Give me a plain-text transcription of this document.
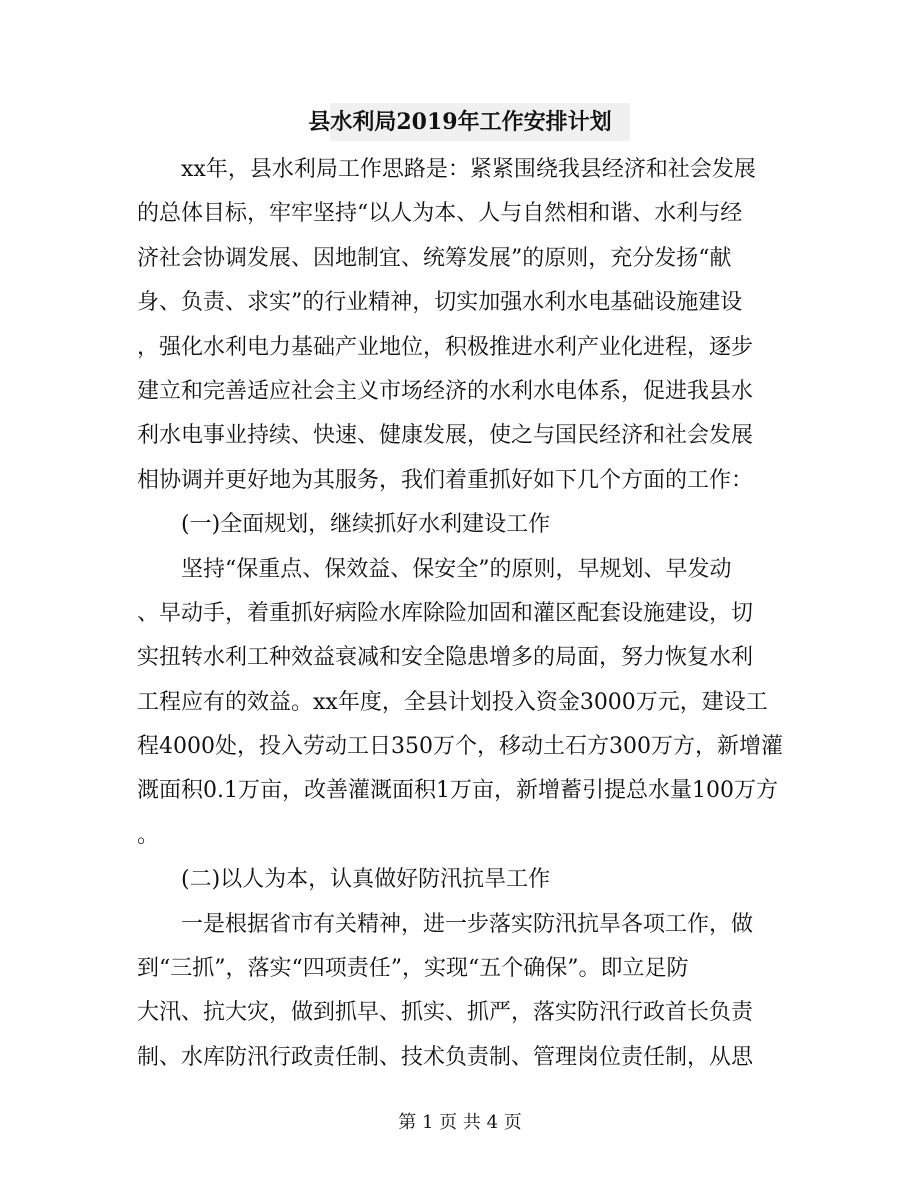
县水利局2019年工作安排计划
xx年，县水利局工作思路是：紧紧围绕我县经济和社会发展
的总体目标，牢牢坚持“以人为本、人与自然相和谐、水利与经
济社会协调发展、因地制宜、统筹发展”的原则，充分发扬“献
身、负责、求实”的行业精神，切实加强水利水电基础设施建设
，强化水利电力基础产业地位，积极推进水利产业化进程，逐步
建立和完善适应社会主义市场经济的水利水电体系，促进我县水
利水电事业持续、快速、健康发展，使之与国民经济和社会发展
相协调并更好地为其服务，我们着重抓好如下几个方面的工作：
(一)全面规划，继续抓好水利建设工作
坚持“保重点、保效益、保安全”的原则，早规划、早发动
、早动手，着重抓好病险水库除险加固和灌区配套设施建设，切
实扭转水利工种效益衰减和安全隐患增多的局面，努力恢复水利
工程应有的效益。xx年度，全县计划投入资金3000万元，建设工
程4000处，投入劳动工日350万个，移动土石方300万方，新增灌
溉面积0.1万亩，改善灌溉面积1万亩，新增蓄引提总水量100万方
。
(二)以人为本，认真做好防汛抗旱工作
一是根据省市有关精神，进一步落实防汛抗旱各项工作，做
到“三抓”，落实“四项责任”，实现“五个确保”。即立足防
大汛、抗大灾，做到抓早、抓实、抓严，落实防汛行政首长负责
制、水库防汛行政责任制、技术负责制、管理岗位责任制，从思
第 1 页 共 4 页
